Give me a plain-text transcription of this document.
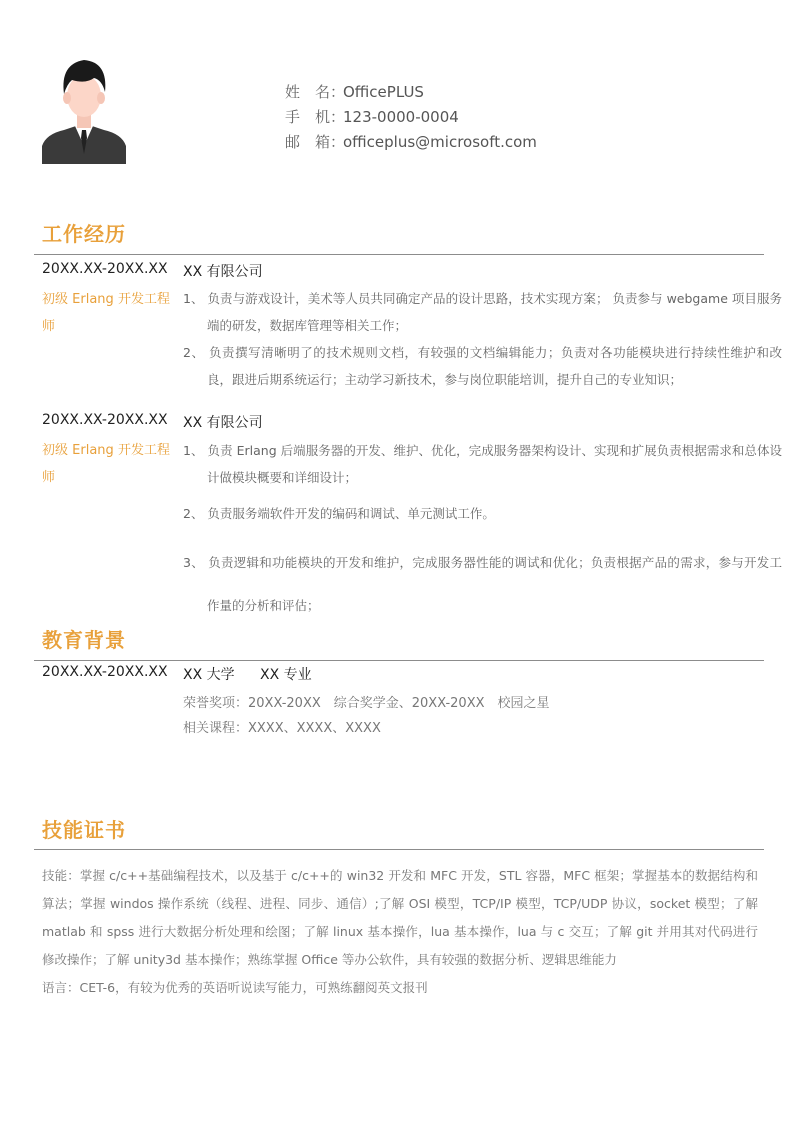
姓　名：OfficePLUS
手　机：123-0000-0004
邮　箱：officeplus@microsoft.com
工作经历
20XX.XX-20XX.XX XX 有限公司
初级 Erlang 开发工程师
1、 负责与游戏设计，美术等人员共同确定产品的设计思路，技术实现方案； 负责参与 webgame 项目服务端的研发，数据库管理等相关工作；
2、 负责撰写清晰明了的技术规则文档，有较强的文档编辑能力；负责对各功能模块进行持续性维护和改良，跟进后期系统运行；主动学习新技术，参与岗位职能培训，提升自己的专业知识；
20XX.XX-20XX.XX XX 有限公司
初级 Erlang 开发工程师
1、 负责 Erlang 后端服务器的开发、维护、优化，完成服务器架构设计、实现和扩展负责根据需求和总体设计做模块概要和详细设计；
2、 负责服务端软件开发的编码和调试、单元测试工作。
3、 负责逻辑和功能模块的开发和维护，完成服务器性能的调试和优化；负责根据产品的需求，参与开发工作量的分析和评估；
教育背景
20XX.XX-20XX.XX XX 大学 XX 专业
荣誉奖项：20XX-20XX　综合奖学金、20XX-20XX　校园之星
相关课程：XXXX、XXXX、XXXX
技能证书

技能：掌握 c/c++基础编程技术，以及基于 c/c++的 win32 开发和 MFC 开发，STL 容器，MFC 框架；掌握基本的数据结构和算法；掌握 windos 操作系统（线程、进程、同步、通信）;了解 OSI 模型，TCP/IP 模型，TCP/UDP 协议，socket 模型；了解 matlab 和 spss 进行大数据分析处理和绘图；了解 linux 基本操作，lua 基本操作，lua 与 c 交互；了解 git 并用其对代码进行修改操作；了解 unity3d 基本操作；熟练掌握 Office 等办公软件，具有较强的数据分析、逻辑思维能力

语言：CET-6，有较为优秀的英语听说读写能力，可熟练翻阅英文报刊
